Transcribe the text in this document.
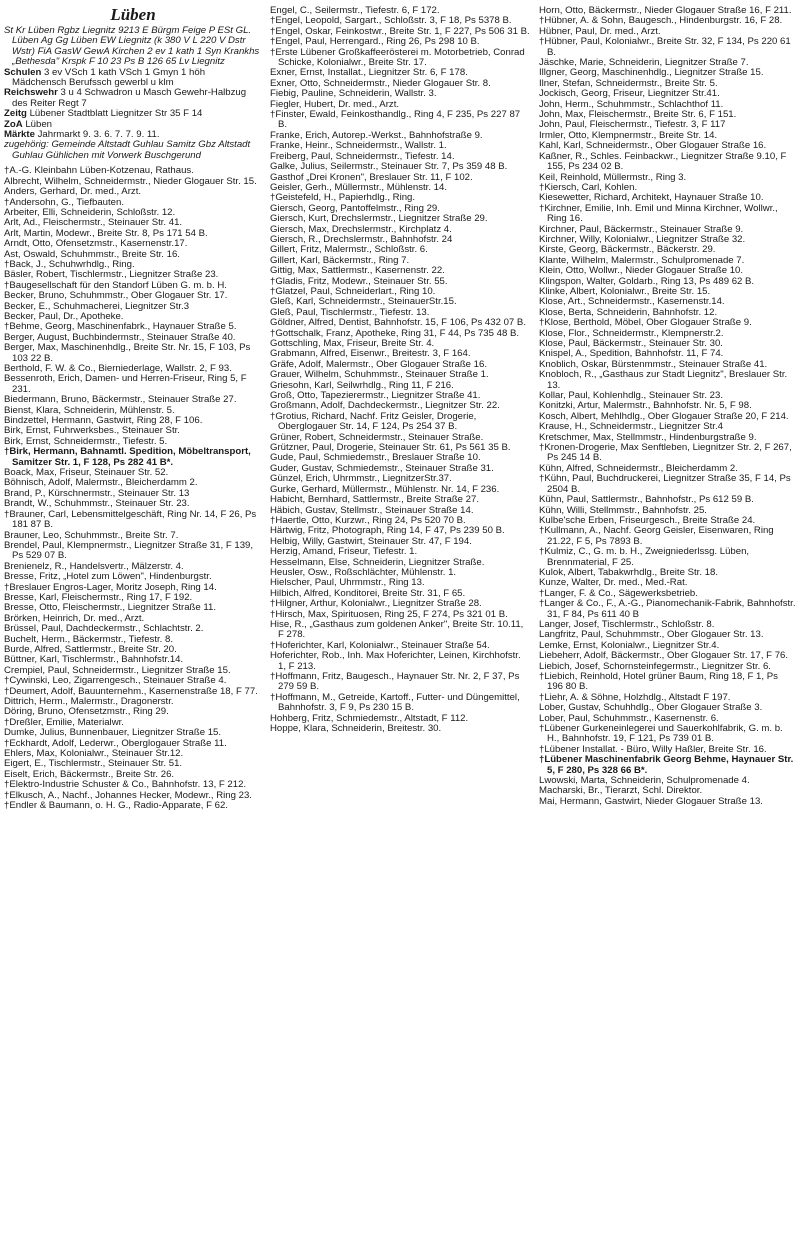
Lüben

St Kr Lüben Rgbz Liegnitz 9213 E Bürgm Feige P ESt GL. Lüben Ag Gg Lüben EW Liegnitz (k 380 V L 220 V Dstr Wstr) FiA GasW GewA Kirchen 2 ev 1 kath 1 Syn Krankhs „Bethesda" Krspk F 10 23 Ps B 126 65 Lv Liegnitz

Schulen 3 ev VSch 1 kath VSch 1 Gmyn 1 höh Mädchensch Berufssch gewerbl u klm

Reichswehr 3 u 4 Schwadron u Masch Gewehr-Halbzug des Reiter Regt 7

Zeitg Lübener Stadtblatt Liegnitzer Str 35 F 14

ZoA Lüben

Märkte Jahrmarkt 9. 3. 6. 7. 7. 9. 11.

zugehörig: Gemeinde Altstadt Guhlau Samitz Gbz Altstadt Guhlau Gühlichen mit Vorwerk Buschgerund

†A.-G. Kleinbahn Lüben-Kotzenau, Rathaus.

Albrecht, Wilhelm, Schneidermstr., Nieder Glogauer Str. 15.

Anders, Gerhard, Dr. med., Arzt.

†Andersohn, G., Tiefbauten.

Arbeiter, Elli, Schneiderin, Schloßstr. 12.

Arlt, Ad., Fleischermstr., Steinauer Str. 41.

Arlt, Martin, Modewr., Breite Str. 8, Ps 171 54 B.

Arndt, Otto, Ofensetzmstr., Kasernenstr.17.

Ast, Oswald, Schuhmmstr., Breite Str. 16.

†Back, J., Schuhwrhdlg., Ring.

Bäsler, Robert, Tischlermstr., Liegnitzer Straße 23.

†Baugesellschaft für den Standorf Lüben G. m. b. H.

Becker, Bruno, Schuhmmstr., Ober Glogauer Str. 17.

Becker, E., Schuhmacherei, Liegnitzer Str.3

Becker, Paul, Dr., Apotheke.

†Behme, Georg, Maschinenfabrk., Haynauer Straße 5.

Berger, August, Buchbindermstr., Steinauer Straße 40.

Berger, Max, Maschinenhdlg., Breite Str. Nr. 15, F 103, Ps 103 22 B.

Berthold, F. W. & Co., Bierniederlage, Wallstr. 2, F 93.

Bessenroth, Erich, Damen- und Herren-Friseur, Ring 5, F 231.

Biedermann, Bruno, Bäckermstr., Steinauer Straße 27.

Bienst, Klara, Schneiderin, Mühlenstr. 5.

Bindzettel, Hermann, Gastwirt, Ring 28, F 106.

Birk, Ernst, Fuhrwerksbes., Steinauer Str.

Birk, Ernst, Schneidermstr., Tiefestr. 5.

†Birk, Hermann, Bahnamtl. Spedition, Möbeltransport, Samitzer Str. 1, F 128, Ps 282 41 B*.

Boack, Max, Friseur, Steinauer Str. 52.

Böhnisch, Adolf, Malermstr., Bleicherdamm 2.

Brand, P., Kürschnermstr., Steinauer Str. 13

Brandt, W., Schuhmmstr., Steinauer Str. 23.

†Brauner, Carl, Lebensmittelgeschäft, Ring Nr. 14, F 26, Ps 181 87 B.

Brauner, Leo, Schuhmmstr., Breite Str. 7.

Brendel, Paul, Klempnermstr., Liegnitzer Straße 31, F 139, Ps 529 07 B.

Brenienelz, R., Handelsvertr., Mälzerstr. 4.

Bresse, Fritz, „Hotel zum Löwen", Hindenburgstr.

†Breslauer Engros-Lager, Moritz Joseph, Ring 14.

Bresse, Karl, Fleischermstr., Ring 17, F 192.

Bresse, Otto, Fleischermstr., Liegnitzer Straße 11.

Brörken, Heinrich, Dr. med., Arzt.

Brüssel, Paul, Dachdeckermstr., Schlachtstr. 2.

Buchelt, Herm., Bäckermstr., Tiefestr. 8.

Burde, Alfred, Sattlermstr., Breite Str. 20.

Büttner, Karl, Tischlermstr., Bahnhofstr.14.

Crempiel, Paul, Schneidermstr., Liegnitzer Straße 15.

†Cywinski, Leo, Zigarrengesch., Steinauer Straße 4.

†Deumert, Adolf, Bauunternehm., Kasernenstraße 18, F 77.

Dittrich, Herm., Malermstr., Dragonerstr.

Döring, Bruno, Ofensetzmstr., Ring 29.

†Dreßler, Emilie, Materialwr.

Dumke, Julius, Bunnenbauer, Liegnitzer Straße 15.

†Eckhardt, Adolf, Lederwr., Oberglogauer Straße 11.

Ehlers, Max, Kolonialwr., Steinauer Str.12.

Eigert, E., Tischlermstr., Steinauer Str. 51.

Eiselt, Erich, Bäckermstr., Breite Str. 26.

†Elektro-Industrie Schuster & Co., Bahnhofstr. 13, F 212.

†Elkusch, A., Nachf., Johannes Hecker, Modewr., Ring 23.

†Endler & Baumann, o. H. G., Radio-Apparate, F 62.

Engel, C., Seilermstr., Tiefestr. 6, F 172.

†Engel, Leopold, Sargart., Schloßstr. 3, F 18, Ps 5378 B.

†Engel, Oskar, Feinkostwr., Breite Str. 1, F 227, Ps 506 31 B.

†Engel, Paul, Herrengard., Ring 26, Ps 298 10 B.

†Erste Lübener Großkaffeerösterei m. Motorbetrieb, Conrad Schicke, Kolonialwr., Breite Str. 17.

Exner, Ernst, Installat., Liegnitzer Str. 6, F 178.

Exner, Otto, Schneidermstr., Nieder Glogauer Str. 8.

Fiebig, Pauline, Schneiderin, Wallstr. 3.

Fiegler, Hubert, Dr. med., Arzt.

†Finster, Ewald, Feinkosthandlg., Ring 4, F 235, Ps 227 87 B.

Franke, Erich, Autorep.-Werkst., Bahnhofstraße 9.

Franke, Heinr., Schneidermstr., Wallstr. 1.

Freiberg, Paul, Schneidermstr., Tiefestr. 14.

Galke, Julius, Seilermstr., Steinauer Str. 7, Ps 359 48 B.

Gasthof „Drei Kronen", Breslauer Str. 11, F 102.

Geisler, Gerh., Müllermstr., Mühlenstr. 14.

†Geistefeld, H., Papierhdlg., Ring.

Giersch, Georg, Pantoffelmstr., Ring 29.

Giersch, Kurt, Drechslermstr., Liegnitzer Straße 29.

Giersch, Max, Drechslermstr., Kirchplatz 4.

Giersch, R., Drechslermstr., Bahnhofstr. 24

Gillert, Fritz, Malermstr., Schloßstr. 6.

Gillert, Karl, Bäckermstr., Ring 7.

Gittig, Max, Sattlermstr., Kasernenstr. 22.

†Gladis, Fritz, Modewr., Steinauer Str. 55.

†Glatzel, Paul, Schneiderlart., Ring 10.

Gleß, Karl, Schneidermstr., SteinauerStr.15.

Gleß, Paul, Tischlermstr., Tiefestr. 13.

Göldner, Alfred, Dentist, Bahnhofstr. 15, F 106, Ps 432 07 B.

†Gottschalk, Franz, Apotheke, Ring 31, F 44, Ps 735 48 B.

Gottschling, Max, Friseur, Breite Str. 4.

Grabmann, Alfred, Eisenwr., Breitestr. 3, F 164.

Gräfe, Adolf, Malermstr., Ober Glogauer Straße 16.

Grauer, Wilhelm, Schuhmmstr., Steinauer Straße 1.

Griesohn, Karl, Seilwrhdlg., Ring 11, F 216.

Groß, Otto, Tapezierermstr., Liegnitzer Straße 41.

Großmann, Adolf, Dachdeckermstr., Liegnitzer Str. 22.

†Grotius, Richard, Nachf. Fritz Geisler, Drogerie, Oberglogauer Str. 14, F 124, Ps 254 37 B.

Grüner, Robert, Schneidermstr., Steinauer Straße.

Grützner, Paul, Drogerie, Steinauer Str. 61, Ps 561 35 B.

Gude, Paul, Schmiedemstr., Breslauer Straße 10.

Guder, Gustav, Schmiedemstr., Steinauer Straße 31.

Günzel, Erich, Uhrmmstr., LiegnitzerStr.37.

Gurke, Gerhard, Müllermstr., Mühlenstr. Nr. 14, F 236.

Habicht, Bernhard, Sattlermstr., Breite Straße 27.

Häbich, Gustav, Stellmstr., Steinauer Straße 14.

†Haertle, Otto, Kurzwr., Ring 24, Ps 520 70 B.

Härtwig, Fritz, Photograph, Ring 14, F 47, Ps 239 50 B.

Helbig, Willy, Gastwirt, Steinauer Str. 47, F 194.

Herzig, Amand, Friseur, Tiefestr. 1.

Hesselmann, Else, Schneiderin, Liegnitzer Straße.

Heusler, Osw., Roßschlächter, Mühlenstr. 1.

Hielscher, Paul, Uhrmmstr., Ring 13.

Hilbich, Alfred, Konditorei, Breite Str. 31, F 65.

†Hilgner, Arthur, Kolonialwr., Liegnitzer Straße 28.

†Hirsch, Max, Spirituosen, Ring 25, F 274, Ps 321 01 B.

Hise, R., „Gasthaus zum goldenen Anker", Breite Str. 10.11, F 278.

†Hoferichter, Karl, Kolonialwr., Steinauer Straße 54.

Hoferichter, Rob., Inh. Max Hoferichter, Leinen, Kirchhofstr. 1, F 213.

†Hoffmann, Fritz, Baugesch., Haynauer Str. Nr. 2, F 37, Ps 279 59 B.

†Hoffmann, M., Getreide, Kartoff., Futter- und Düngemittel, Bahnhofstr. 3, F 9, Ps 230 15 B.

Hohberg, Fritz, Schmiedemstr., Altstadt, F 112.

Hoppe, Klara, Schneiderin, Breitestr. 30.

Horn, Otto, Bäckermstr., Nieder Glogauer Straße 16, F 211.

†Hübner, A. & Sohn, Baugesch., Hindenburgstr. 16, F 28.

Hübner, Paul, Dr. med., Arzt.

†Hübner, Paul, Kolonialwr., Breite Str. 32, F 134, Ps 220 61 B.

Jäschke, Marie, Schneiderin, Liegnitzer Straße 7.

Illgner, Georg, Maschinenhdlg., Liegnitzer Straße 15.

Ilner, Stefan, Schneidermstr., Breite Str. 5.

Jockisch, Georg, Friseur, Liegnitzer Str.41.

John, Herm., Schuhmmstr., Schlachthof 11.

John, Max, Fleischermstr., Breite Str. 6, F 151.

John, Paul, Fleischermstr., Tiefestr. 3, F 117

Irmler, Otto, Klempnermstr., Breite Str. 14.

Kahl, Karl, Schneidermstr., Ober Glogauer Straße 16.

Kaßner, R., Schles. Feinbackwr., Liegnitzer Straße 9.10, F 155, Ps 234 02 B.

Keil, Reinhold, Müllermstr., Ring 3.

†Kiersch, Carl, Kohlen.

Kiesewetter, Richard, Architekt, Haynauer Straße 10.

†Kirchner, Emilie, Inh. Emil und Minna Kirchner, Wollwr., Ring 16.

Kirchner, Paul, Bäckermstr., Steinauer Straße 9.

Kirchner, Willy, Kolonialwr., Liegnitzer Straße 32.

Kirste, Georg, Bäckermstr., Bäckerstr. 29.

Klante, Wilhelm, Malermstr., Schulpromenade 7.

Klein, Otto, Wollwr., Nieder Glogauer Straße 10.

Klingspon, Walter, Goldarb., Ring 13, Ps 489 62 B.

Klinke, Albert, Kolonialwr., Breite Str. 15.

Klose, Art., Schneidermstr., Kasernenstr.14.

Klose, Berta, Schneiderin, Bahnhofstr. 12.

†Klose, Berthold, Möbel, Ober Glogauer Straße 9.

Klose, Flor., Schneidermstr., Klempnerstr.2.

Klose, Paul, Bäckermstr., Steinauer Str. 30.

Knispel, A., Spedition, Bahnhofstr. 11, F 74.

Knoblich, Oskar, Bürstenmmstr., Steinauer Straße 41.

Knobloch, R., „Gasthaus zur Stadt Liegnitz", Breslauer Str. 13.

Kollar, Paul, Kohlenhdlg., Steinauer Str. 23.

Konitzki, Artur, Malermstr., Bahnhofstr. Nr. 5, F 98.

Kosch, Albert, Mehlhdlg., Ober Glogauer Straße 20, F 214.

Krause, H., Schneidermstr., Liegnitzer Str.4

Kretschmer, Max, Stellmmstr., Hindenburgstraße 9.

†Kronen-Drogerie, Max Senftleben, Liegnitzer Str. 2, F 267, Ps 245 14 B.

Kühn, Alfred, Schneidermstr., Bleicherdamm 2.

†Kühn, Paul, Buchdruckerei, Liegnitzer Straße 35, F 14, Ps 2504 B.

Kühn, Paul, Sattlermstr., Bahnhofstr., Ps 612 59 B.

Kühn, Willi, Stellmmstr., Bahnhofstr. 25.

Kulbe'sche Erben, Friseurgesch., Breite Straße 24.

†Kullmann, A., Nachf. Georg Geisler, Eisenwaren, Ring 21.22, F 5, Ps 7893 B.

†Kulmiz, C., G. m. b. H., Zweigniederlssg. Lüben, Brennmaterial, F 25.

Kulok, Albert, Tabakwrhdlg., Breite Str. 18.

Kunze, Walter, Dr. med., Med.-Rat.

†Langer, F. & Co., Sägewerksbetrieb.

†Langer & Co., F., A.-G., Pianomechanik-Fabrik, Bahnhofstr. 31, F 84, Ps 611 40 B

Langer, Josef, Tischlermstr., Schloßstr. 8.

Langfritz, Paul, Schuhmmstr., Ober Glogauer Str. 13.

Lemke, Ernst, Kolonialwr., Liegnitzer Str.4.

Liebeherr, Adolf, Bäckermstr., Ober Glogauer Str. 17, F 76.

Liebich, Josef, Schornsteinfegermstr., Liegnitzer Str. 6.

†Liebich, Reinhold, Hotel grüner Baum, Ring 18, F 1, Ps 196 80 B.

†Liehr, A. & Söhne, Holzhdlg., Altstadt F 197.

Lober, Gustav, Schuhhdlg., Ober Glogauer Straße 3.

Lober, Paul, Schuhmmstr., Kasernenstr. 6.

†Lübener Gurkeneinlegerei und Sauerkohlfabrik, G. m. b. H., Bahnhofstr. 19, F 121, Ps 739 01 B.

†Lübener Installat. - Büro, Willy Haßler, Breite Str. 16.

†Lübener Maschinenfabrik Georg Behme, Haynauer Str. 5, F 280, Ps 328 66 B*.

Lwowski, Marta, Schneiderin, Schulpromenade 4.

Macharski, Br., Tierarzt, Schl. Direktor.

Mai, Hermann, Gastwirt, Nieder Glogauer Straße 13.
